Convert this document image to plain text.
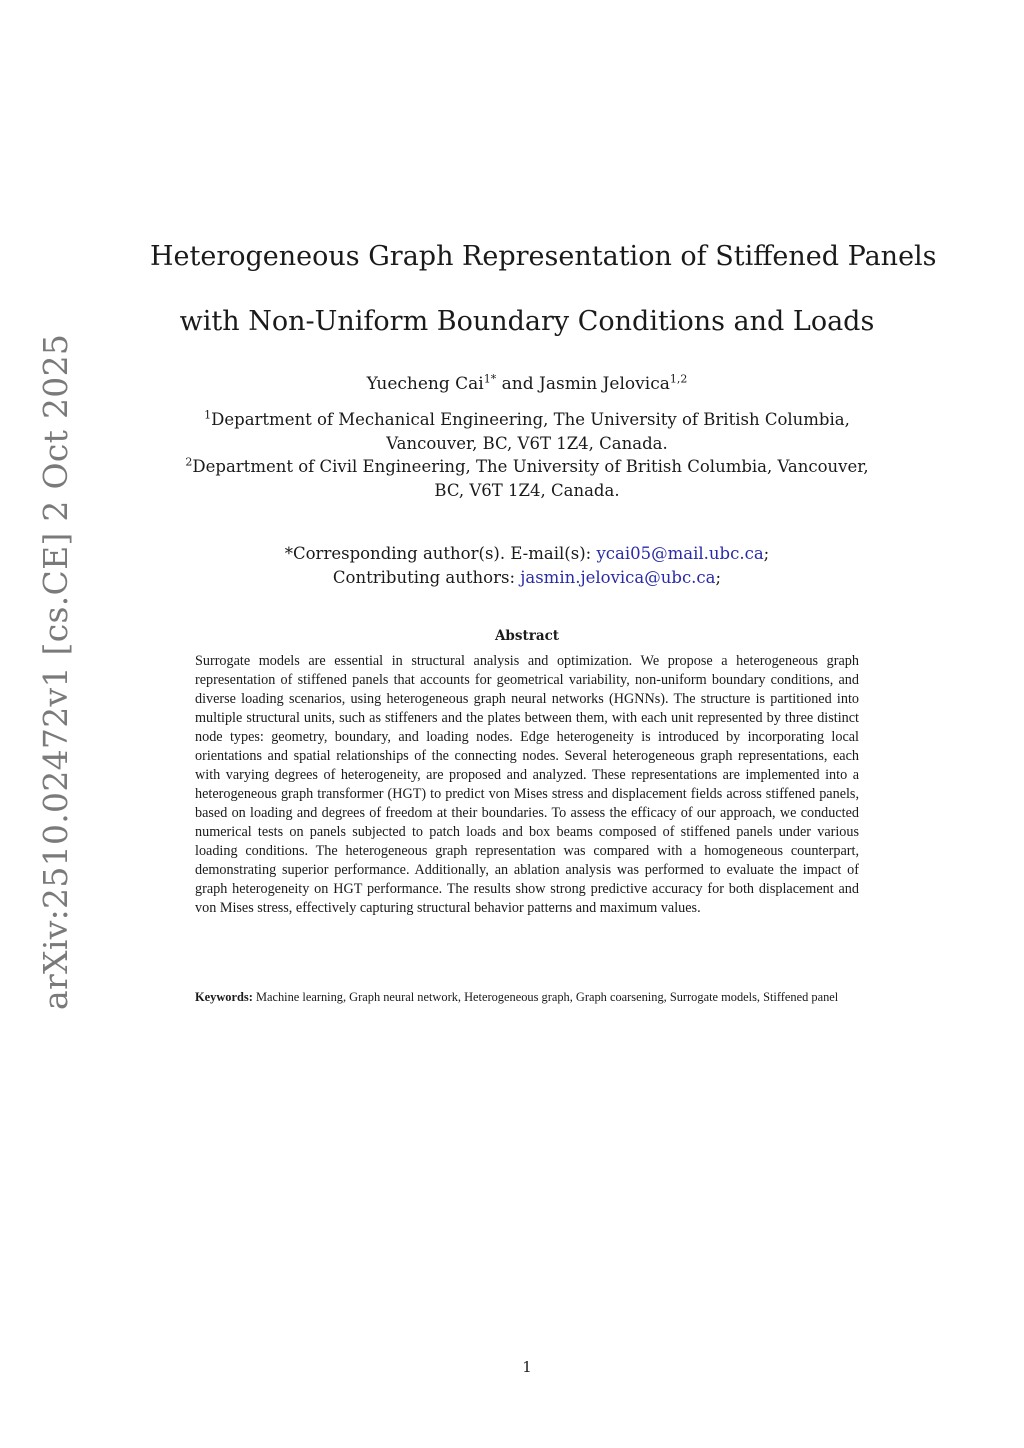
arXiv:2510.02472v1 [cs.CE] 2 Oct 2025
Heterogeneous Graph Representation of Stiffened Panels
with Non-Uniform Boundary Conditions and Loads
Yuecheng Cai$^{1*}$ and Jasmin Jelovica$^{1,2}$
$^1$Department of Mechanical Engineering, The University of British Columbia,
Vancouver, BC, V6T 1Z4, Canada.
$^2$Department of Civil Engineering, The University of British Columbia, Vancouver,
BC, V6T 1Z4, Canada.
*Corresponding author(s). E-mail(s): ycai05@mail.ubc.ca;
Contributing authors: jasmin.jelovica@ubc.ca;
Abstract
Surrogate models are essential in structural analysis and optimization. We propose a heterogeneous graph representation of stiffened panels that accounts for geometrical variability, non-uniform boundary conditions, and diverse loading scenarios, using heterogeneous graph neural networks (HGNNs). The structure is partitioned into multiple structural units, such as stiffeners and the plates between them, with each unit represented by three distinct node types: geometry, boundary, and loading nodes. Edge heterogeneity is introduced by incorporating local orientations and spatial relationships of the connecting nodes. Several heterogeneous graph representations, each with varying degrees of heterogeneity, are proposed and analyzed. These representations are implemented into a heterogeneous graph transformer (HGT) to predict von Mises stress and displacement fields across stiffened panels, based on loading and degrees of freedom at their boundaries. To assess the efficacy of our approach, we conducted numerical tests on panels subjected to patch loads and box beams composed of stiffened panels under various loading conditions. The heterogeneous graph representation was compared with a homogeneous counterpart, demonstrating superior performance. Additionally, an ablation analysis was performed to evaluate the impact of graph heterogeneity on HGT performance. The results show strong predictive accuracy for both displacement and von Mises stress, effectively capturing structural behavior patterns and maximum values.
Keywords: Machine learning, Graph neural network, Heterogeneous graph, Graph coarsening, Surrogate models, Stiffened panel
1
